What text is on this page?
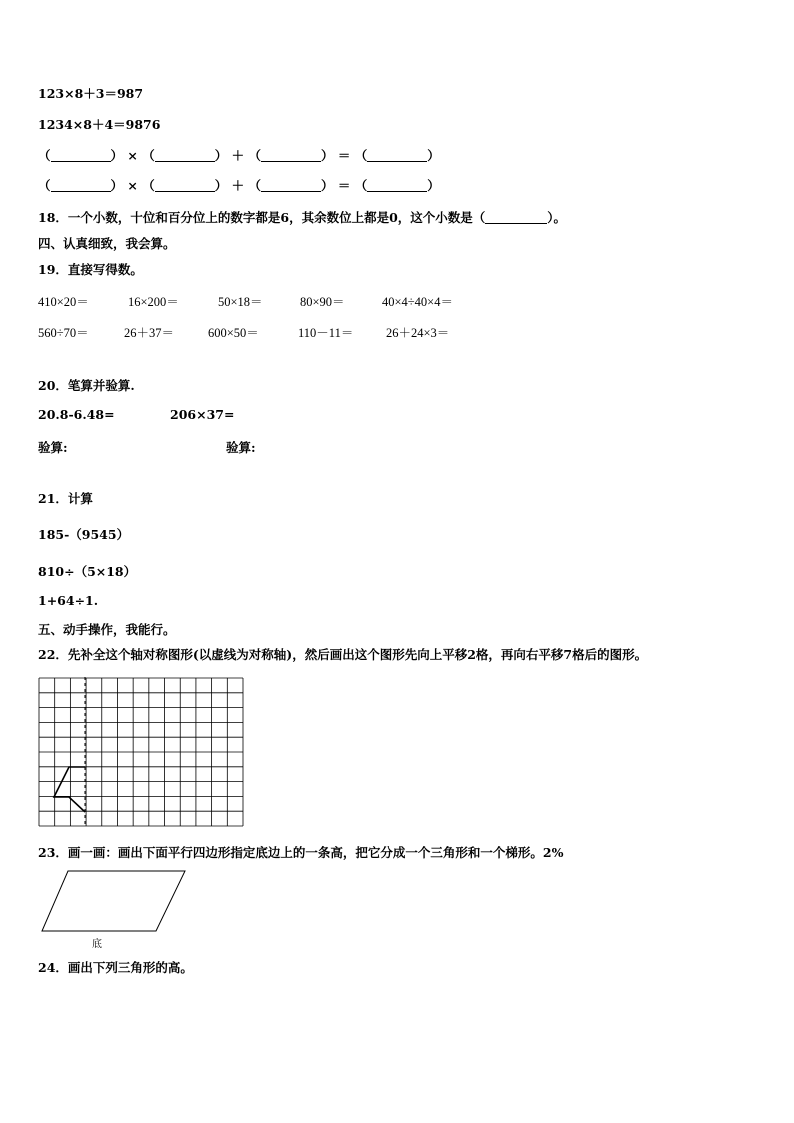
123×8＋3＝987
1234×8＋4＝9876
（	） × （	） ＋ （	） ＝ （	）
（	） × （	） ＋ （	） ＝ （	）
18．一个小数，十位和百分位上的数字都是6，其余数位上都是0，这个小数是（	）。
四、认真细致，我会算。
19．直接写得数。
410×20＝	16×200＝	50×18＝	80×90＝	40×4÷40×4＝
560÷70＝	26＋37＝	600×50＝	110－11＝	26＋24×3＝
20．笔算并验算.
20.8-6.48=	206×37=
验算:	验算:
21．计算
185-（9545）
810÷（5×18）
1+64÷1.
五、动手操作，我能行。
22．先补全这个轴对称图形(以虚线为对称轴)，然后画出这个图形先向上平移2格，再向右平移7格后的图形。
23．画一画：画出下面平行四边形指定底边上的一条高，把它分成一个三角形和一个梯形。2%
底
24．画出下列三角形的高。
